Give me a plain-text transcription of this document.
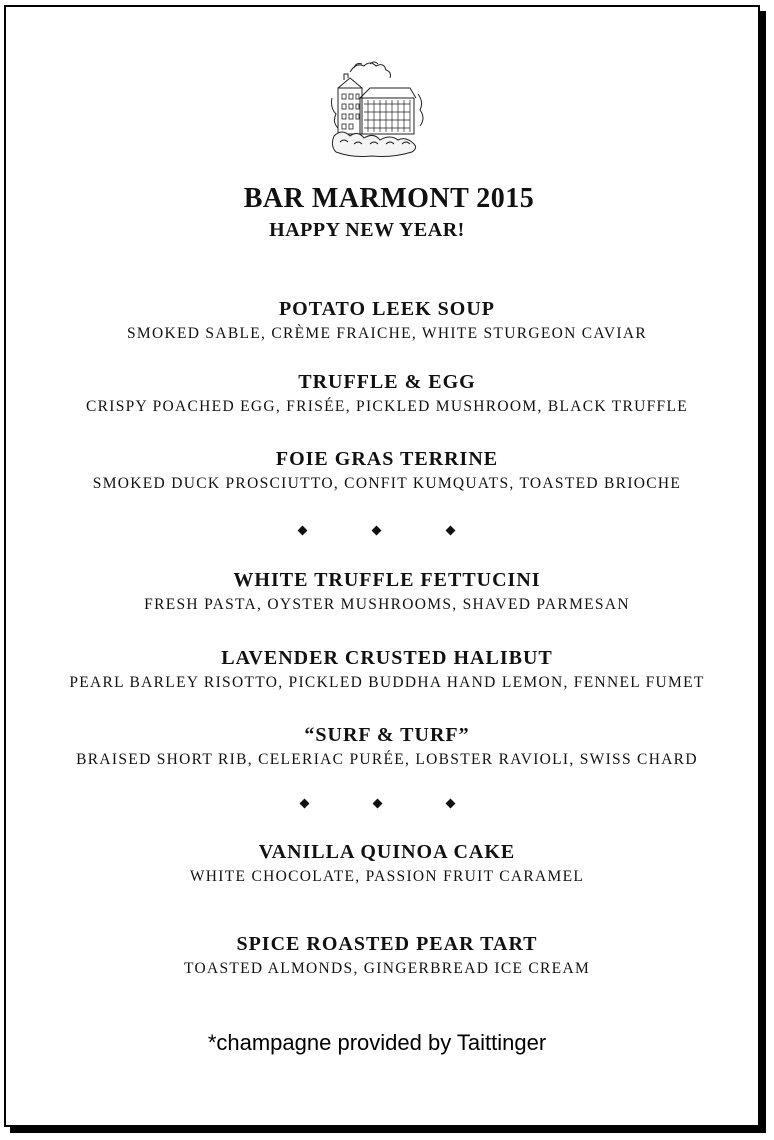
BAR MARMONT 2015
HAPPY NEW YEAR!
POTATO LEEK SOUP
SMOKED SABLE, CRÈME FRAICHE, WHITE STURGEON CAVIAR
TRUFFLE & EGG
CRISPY POACHED EGG, FRISÉE, PICKLED MUSHROOM, BLACK TRUFFLE
FOIE GRAS TERRINE
SMOKED DUCK PROSCIUTTO, CONFIT KUMQUATS, TOASTED BRIOCHE
WHITE TRUFFLE FETTUCINI
FRESH PASTA, OYSTER MUSHROOMS, SHAVED PARMESAN
LAVENDER CRUSTED HALIBUT
PEARL BARLEY RISOTTO, PICKLED BUDDHA HAND LEMON, FENNEL FUMET
“SURF & TURF”
BRAISED SHORT RIB, CELERIAC PURÉE, LOBSTER RAVIOLI, SWISS CHARD
VANILLA QUINOA CAKE
WHITE CHOCOLATE, PASSION FRUIT CARAMEL
SPICE ROASTED PEAR TART
TOASTED ALMONDS, GINGERBREAD ICE CREAM
*champagne provided by Taittinger
